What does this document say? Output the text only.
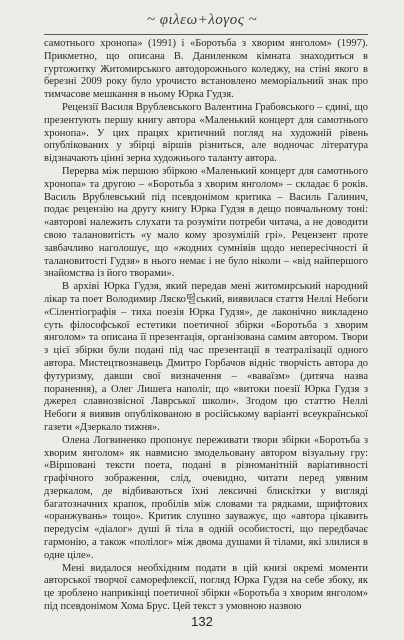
~ φιλεω+λογος ~

самотнього хронопа» (1991) і «Боротьба з хворим янголом» (1997). Прикметно, що описана В. Даниленком кімната знаходиться в гуртожитку Житомирського автодорожнього коледжу, на стіні якого в березні 2009 року було урочисто встановлено меморіальний знак про тимчасове мешкання в ньому Юрка Гудзя.

Рецензії Василя Врублевського Валентина Грабовського – єдині, що презентують першу книгу автора «Маленький концерт для самотнього хронопа». У цих працях критичний погляд на художній рівень опублікованих у збірці віршів різниться, але водночас література відзначають цінні зерна художнього таланту автора.

Перерва між першою збіркою «Маленький концерт для самотнього хронопа» та другою – «Боротьба з хворим янголом» – складає 6 років. Василь Врублевський під псевдонімом критика – Василь Галинич, подає рецензію на другу книгу Юрка Гудзя в дещо повчальному тоні: «авторові належить слухати та розуміти потреби читача, а не доводити свою талановитість «у мало кому зрозумілій грі». Рецензент проте завбачливо наголошує, що «жодних сумнівів щодо непересічності й талановитості Гудзя» в нього немає і не було ніколи – «від найпершого знайомства із його творами».

В архіві Юрка Гудзя, який передав мені житомирський народний лікар та поет Володимир Ляско떨ський, виявилася стаття Неллі Небоги «Сілентіографія – тиха поезія Юрка Гудзя», де лаконічно викладено суть філософської естетики поетичної збірки «Боротьба з хворим янголом» та описана її презентація, організована самим автором. Твори з цієї збірки були подані під час презентації в театралізації одного автора. Мистецтвознавець Дмитро Горбачов відніс творчість автора до футуризму, давши свої визначення – «ваваїзм» (дитяча назва поранення), а Олег Лишега наполіг, що «витоки поезії Юрка Гудзя з джерел славнозвісної Лаврської школи». Згодом цю статтю Неллі Небоги я виявив опублікованою в російському варіанті всеукраїнської газети «Дзеркало тижня».

Олена Логвиненко пропонує переживати твори збірки «Боротьба з хворим янголом» як навмисно змодельовану автором візуальну гру: «Віршовані тексти поета, подані в різноманітній варіативності графічного зображення, слід, очевидно, читати перед уявним дзеркалом, де відбиваються їхні лексичні блискітки у вигляді багатозначних крапок, пробілів між словами та рядками, шрифтових «оранжувань» тощо». Критик слушно зауважує, що «автора цікавить передусім «діалог» душі й тіла в одній особистості, що передбачає гармонію, а також «полілог» між двома душами й тілами, які злилися в одне ціле».

Мені видалося необхідним подати в цій книзі окремі моменти авторської творчої саморефлексії, погляд Юрка Гудзя на себе збоку, як це зроблено наприкінці поетичної збірки «Боротьба з хворим янголом» під псевдонімом Хома Брус. Цей текст з умовною назвою

132
